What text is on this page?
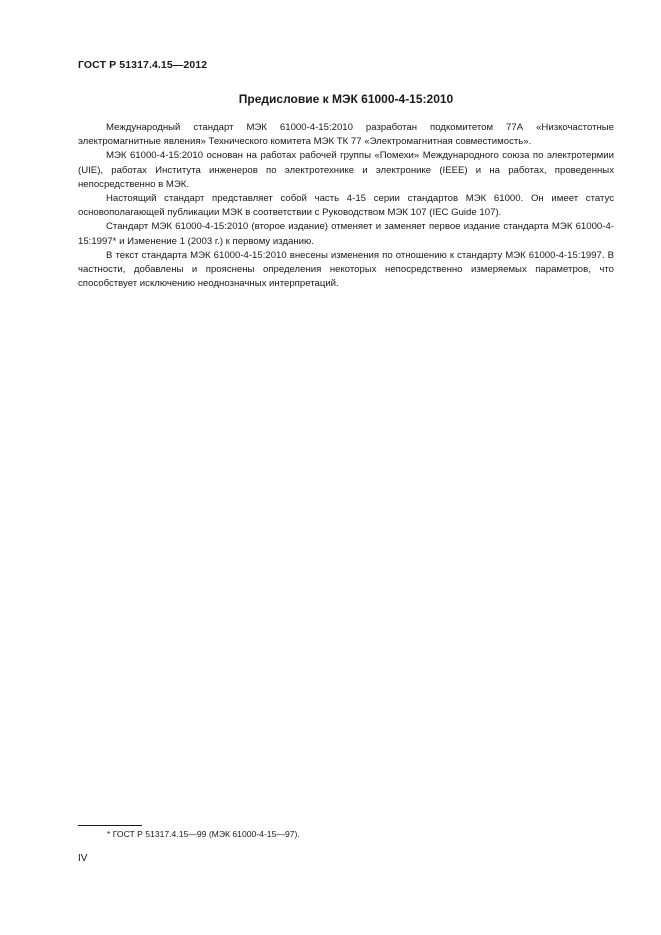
ГОСТ Р 51317.4.15—2012
Предисловие к МЭК 61000-4-15:2010

Международный стандарт МЭК 61000-4-15:2010 разработан подкомитетом 77А «Низкочастотные электромагнитные явления» Технического комитета МЭК ТК 77 «Электромагнитная совместимость».

МЭК 61000-4-15:2010 основан на работах рабочей группы «Помехи» Международного союза по электротермии (UIE), работах Института инженеров по электротехнике и электронике (IEEE) и на работах, проведенных непосредственно в МЭК.

Настоящий стандарт представляет собой часть 4-15 серии стандартов МЭК 61000. Он имеет статус основополагающей публикации МЭК в соответствии с Руководством МЭК 107 (IEC Guide 107).

Стандарт МЭК 61000-4-15:2010 (второе издание) отменяет и заменяет первое издание стандарта МЭК 61000-4-15:1997* и Изменение 1 (2003 г.) к первому изданию.

В текст стандарта МЭК 61000-4-15:2010 внесены изменения по отношению к стандарту МЭК 61000-4-15:1997. В частности, добавлены и прояснены определения некоторых непосредственно измеряемых параметров, что способствует исключению неоднозначных интерпретаций.

* ГОСТ Р 51317.4.15—99 (МЭК 61000-4-15—97).
IV
